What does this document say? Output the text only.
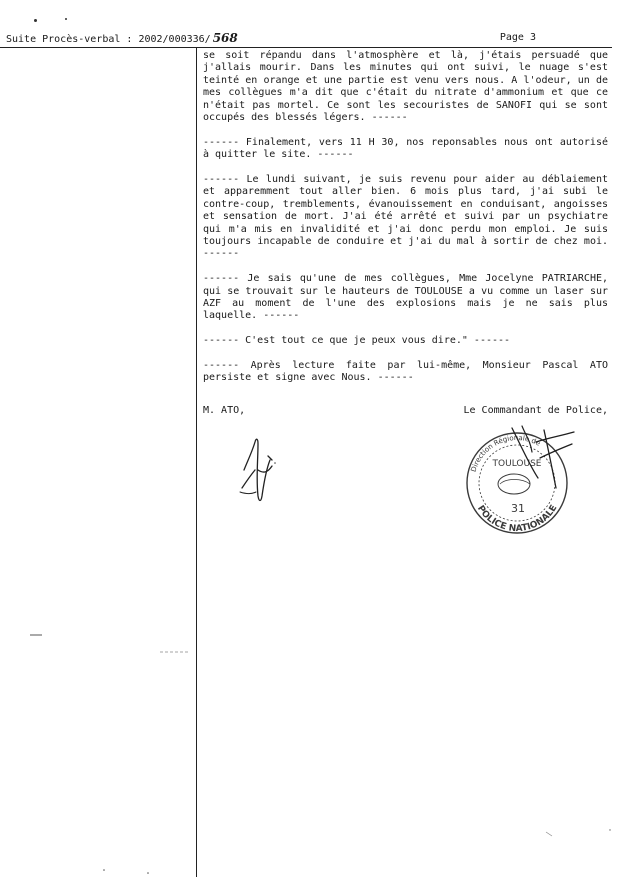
Suite Procès-verbal : 2002/000336/ 568	Page 3

se soit répandu dans l'atmosphère et là, j'étais persuadé que j'allais mourir. Dans les minutes qui ont suivi, le nuage s'est teinté en orange et une partie est venu vers nous. A l'odeur, un de mes collègues m'a dit que c'était du nitrate d'ammonium et que ce n'était pas mortel. Ce sont les secouristes de SANOFI qui se sont occupés des blessés légers. ------

------ Finalement, vers 11 H 30, nos reponsables nous ont autorisé à quitter le site. ------

------ Le lundi suivant, je suis revenu pour aider au déblaiement et apparemment tout aller bien. 6 mois plus tard, j'ai subi le contre-coup, tremblements, évanouissement en conduisant, angoisses et sensation de mort. J'ai été arrêté et suivi par un psychiatre qui m'a mis en invalidité et j'ai donc perdu mon emploi. Je suis toujours incapable de conduire et j'ai du mal à sortir de chez moi. ------

------ Je sais qu'une de mes collègues, Mme Jocelyne PATRIARCHE, qui se trouvait sur le hauteurs de TOULOUSE a vu comme un laser sur AZF au moment de l'une des explosions mais je ne sais plus laquelle. ------

------ C'est tout ce que je peux vous dire." ------

------ Après lecture faite par lui-même, Monsieur Pascal ATO persiste et signe avec Nous. ------

M. ATO,	Le Commandant de Police,
Direction Régionale de
POLICE NATIONALE
TOULOUSE
31
